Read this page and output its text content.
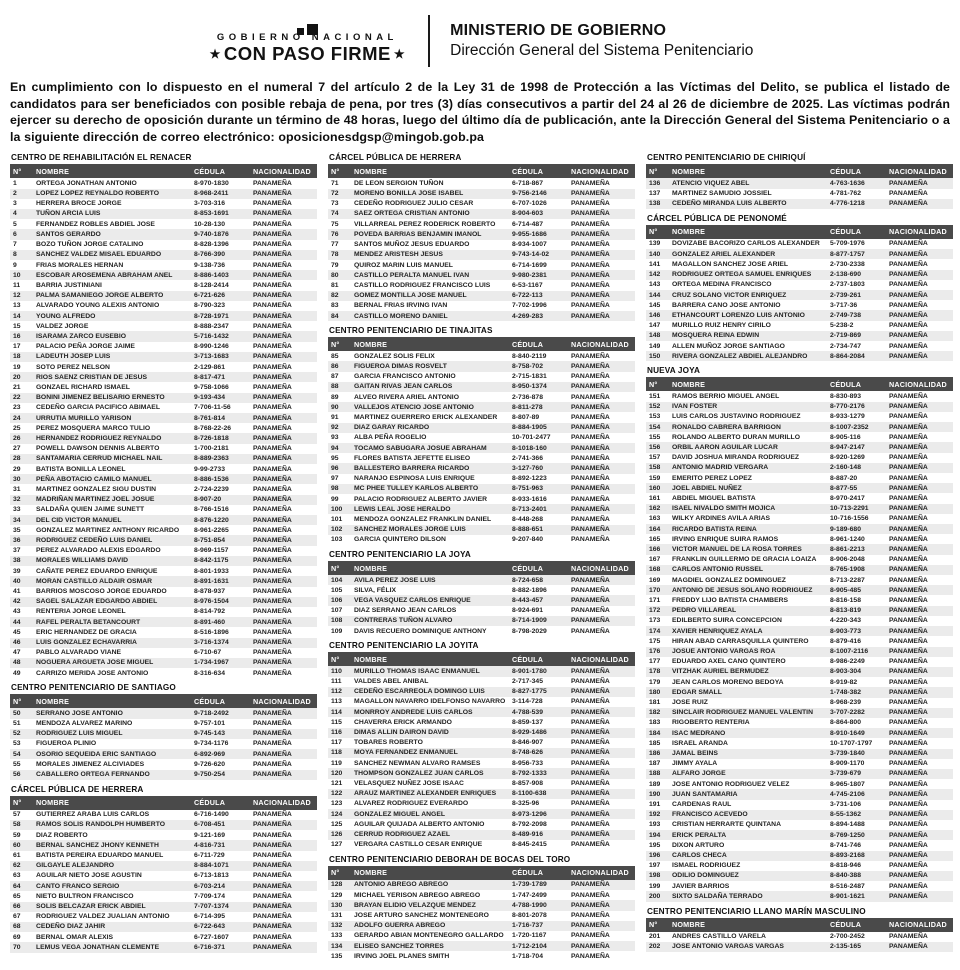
GOBIERNO NACIONAL
★ CON PASO FIRME ★
MINISTERIO DE GOBIERNO
Dirección General del Sistema Penitenciario
En cumplimiento con lo dispuesto en el numeral 7 del artículo 2 de la Ley 31 de 1998 de Protección a las Víctimas del Delito, se publica el listado de candidatos para ser beneficiados con posible rebaja de pena, por tres (3) días consecutivos a partir del 24 al 26 de diciembre de 2025. Las víctimas podrán ejercer su derecho de oposición durante un término de 48 horas, luego del último día de publicación, ante la Dirección General del Sistema Penitenciario o a la siguiente dirección de correo electrónico: oposicionesdgsp@mingob.gob.pa
CENTRO DE REHABILITACIÓN EL RENACER
N°	NOMBRE	CÉDULA	NACIONALIDAD
1	ORTEGA JONATHAN ANTONIO	8-970-1830	PANAMEÑA
2	LOPEZ LOPEZ REYNALDO ROBERTO	8-968-2411	PANAMEÑA
3	HERRERA BROCE JORGE	3-703-316	PANAMEÑA
4	TUÑON ARCIA LUIS	8-853-1691	PANAMEÑA
5	FERNANDEZ ROBLES ABDIEL JOSE	10-28-130	PANAMEÑA
6	SANTOS GERARDO	9-740-1876	PANAMEÑA
7	BOZO TUÑON JORGE CATALINO	8-828-1396	PANAMEÑA
8	SANCHEZ VALDEZ MISAEL EDUARDO	8-766-390	PANAMEÑA
9	FRIAS MORALES HERNAN	9-138-736	PANAMEÑA
10	ESCOBAR AROSEMENA ABRAHAM ANEL	8-886-1403	PANAMEÑA
11	BARRIA JUSTINIANI	8-128-2414	PANAMEÑA
12	PALMA SAMANIEGO JORGE ALBERTO	6-721-626	PANAMEÑA
13	ALVARADO YOUNG ALEXIS ANTONIO	8-790-323	PANAMEÑA
14	YOUNG ALFREDO	8-728-1971	PANAMEÑA
15	VALDEZ JORGE	8-888-2347	PANAMEÑA
16	ISARAMA ZARCO EUSEBIO	5-716-1432	PANAMEÑA
17	PALACIO PEÑA JORGE JAIME	8-990-1246	PANAMEÑA
18	LADEUTH JOSEP LUIS	3-713-1683	PANAMEÑA
19	SOTO PEREZ NELSON	2-129-861	PANAMEÑA
20	RIOS SAENZ CRISTIAN DE JESUS	8-817-471	PANAMEÑA
21	GONZAEL RICHARD ISMAEL	9-758-1066	PANAMEÑA
22	BONINI JIMENEZ BELISARIO ERNESTO	9-193-434	PANAMEÑA
23	CEDEÑO GARCIA PACIFICO ABIMAEL	7-706-11-56	PANAMEÑA
24	URRUTIA MURILLO YARISON	8-761-814	PANAMEÑA
25	PEREZ MOSQUERA MARCO TULIO	8-768-22-26	PANAMEÑA
26	HERNANDEZ RODRIGUEZ REYNALDO	8-726-1818	PANAMEÑA
27	POWELL DAWSON DENNIS ALBERTO	1-700-2181	PANAMEÑA
28	SANTAMARIA CERRUD MICHAEL NAIL	8-889-2363	PANAMEÑA
29	BATISTA BONILLA LEONEL	9-99-2733	PANAMEÑA
30	PEÑA ABOTACIO CAMILO MANUEL	8-886-1536	PANAMEÑA
31	MARTINEZ GONZALEZ SIGU DUSTIN	2-724-2239	PANAMEÑA
32	MADRIÑAN MARTINEZ JOEL JOSUE	8-907-20	PANAMEÑA
33	SALDAÑA QUIEN JAIME SUNETT	8-766-1516	PANAMEÑA
34	DEL CID VICTOR MANUEL	8-876-1220	PANAMEÑA
35	GONZALEZ MARTINEZ ANTHONY RICARDO	8-961-2265	PANAMEÑA
36	RODRIGUEZ CEDEÑO LUIS DANIEL	8-751-854	PANAMEÑA
37	PEREZ ALVARADO ALEXIS EDGARDO	8-969-1157	PANAMEÑA
38	MORALES WILLIAMS DAVID	8-842-1175	PANAMEÑA
39	CAÑATE PEREZ EDUARDO ENRIQUE	8-801-1933	PANAMEÑA
40	MORAN CASTILLO ALDAIR OSMAR	8-891-1631	PANAMEÑA
41	BARRIOS MOSCOSO JORGE EDUARDO	8-878-937	PANAMEÑA
42	SAGEL SALAZAR EDGARDO ABDIEL	8-976-1504	PANAMEÑA
43	RENTERIA JORGE LEONEL	8-814-792	PANAMEÑA
44	RAFEL PERALTA BETANCOURT	8-891-460	PANAMEÑA
45	ERIC HERNANDEZ DE GRACIA	8-516-1896	PANAMEÑA
46	LUIS GONZALEZ ECHAVARRIA	3-716-1374	PANAMEÑA
47	PABLO ALVARADO VIANE	6-710-67	PANAMEÑA
48	NOGUERA ARGUETA JOSE MIGUEL	1-734-1967	PANAMEÑA
49	CARRIZO MERIDA JOSE ANTONIO	8-316-634	PANAMEÑA
CENTRO PENITENCIARIO DE SANTIAGO
N°	NOMBRE	CÉDULA	NACIONALIDAD
50	SERRANO JOSE ANTONIO	9-718-2492	PANAMEÑA
51	MENDOZA ALVAREZ MARINO	9-757-101	PANAMEÑA
52	RODRIGUEZ LUIS MIGUEL	9-745-143	PANAMEÑA
53	FIGUEROA PLINIO	9-734-1176	PANAMEÑA
54	OSORIO SEQUEIDA ERIC SANTIAGO	6-892-969	PANAMEÑA
55	MORALES JIMENEZ ALCIVIADES	9-726-620	PANAMEÑA
56	CABALLERO ORTEGA FERNANDO	9-750-254	PANAMEÑA
CÁRCEL PÚBLICA DE HERRERA
N°	NOMBRE	CÉDULA	NACIONALIDAD
57	GUTIERREZ ARABA LUIS CARLOS	6-716-1490	PANAMEÑA
58	RAMOS SOLIS RANDOLPH HUMBERTO	6-708-451	PANAMEÑA
59	DIAZ ROBERTO	9-121-169	PANAMEÑA
60	BERNAL SANCHEZ JHONY KENNETH	4-816-731	PANAMEÑA
61	BATISTA PEREIRA EDUARDO MANUEL	6-711-729	PANAMEÑA
62	GILGAYLE ALEJANDRO	8-884-1071	PANAMEÑA
63	AGUILAR NIETO JOSE AGUSTIN	6-713-1813	PANAMEÑA
64	CANTO FRANCO SERGIO	6-703-214	PANAMEÑA
65	NIETO BULTRON FRANCISCO	7-709-174	PANAMEÑA
66	SOLIS BELCAZAR ERICK ABDIEL	7-707-1374	PANAMEÑA
67	RODRIGUEZ VALDEZ JUALIAN ANTONIO	6-714-395	PANAMEÑA
68	CEDEÑO DIAZ JAHIR	6-722-643	PANAMEÑA
69	BERNAL OMAR ALEXIS	6-727-1607	PANAMEÑA
70	LEMUS VEGA JONATHAN CLEMENTE	6-716-371	PANAMEÑA
CÁRCEL PÚBLICA DE HERRERA
N°	NOMBRE	CÉDULA	NACIONALIDAD
71	DE LEON SERGION TUÑON	6-718-867	PANAMEÑA
72	MORENO BONILLA JOSE ISABEL	9-756-2146	PANAMEÑA
73	CEDEÑO RODRIGUEZ JULIO CESAR	6-707-1026	PANAMEÑA
74	SAEZ ORTEGA CRISTIAN ANTONIO	8-904-603	PANAMEÑA
75	VILLARREAL PEREZ RODERICK ROBERTO	6-714-487	PANAMEÑA
76	POVEDA BARRIAS BENJAMIN IMANOL	9-955-1686	PANAMEÑA
77	SANTOS MUÑOZ JESUS EDUARDO	8-934-1007	PANAMEÑA
78	MENDEZ ARISTESH JESUS	9-743-14-02	PANAMEÑA
79	QUIROZ MARIN LUIS MANUEL	6-714-1699	PANAMEÑA
80	CASTILLO PERALTA MANUEL IVAN	9-980-2381	PANAMEÑA
81	CASTILLO RODRIGUEZ FRANCISCO LUIS	6-53-1167	PANAMEÑA
82	GOMEZ MONTILLA JOSE MANUEL	6-722-113	PANAMEÑA
83	BERNAL FRIAS IRVING IVAN	7-702-1996	PANAMEÑA
84	CASTILLO MORENO DANIEL	4-269-283	PANAMEÑA
CENTRO PENITENCIARIO DE TINAJITAS
N°	NOMBRE	CÉDULA	NACIONALIDAD
85	GONZALEZ SOLIS FELIX	8-840-2119	PANAMEÑA
86	FIGUEROA DIMAS ROSVELT	8-758-702	PANAMEÑA
87	GARCIA FRANCISCO ANTONIO	2-715-1831	PANAMEÑA
88	GAITAN RIVAS JEAN CARLOS	8-950-1374	PANAMEÑA
89	ALVEO RIVERA ARIEL ANTONIO	2-736-878	PANAMEÑA
90	VALLEJOS ATENCIO JOSE ANTONIO	8-811-278	PANAMEÑA
91	MARTINEZ GUERRERO ERICK ALEXANDER	8-807-89	PANAMEÑA
92	DIAZ GARAY RICARDO	8-884-1905	PANAMEÑA
93	ALBA PEÑA ROGELIO	10-701-2477	PANAMEÑA
94	TOCAMO SABUGARA JOSUE ABRAHAM	8-1018-160	PANAMEÑA
95	FLORES BATISTA JEFETTE ELISEO	2-741-366	PANAMEÑA
96	BALLESTERO BARRERA RICARDO	3-127-760	PANAMEÑA
97	NARANJO ESPINOSA LUIS ENRIQUE	8-892-1223	PANAMEÑA
98	MC PHEE TULLEY KARLOS ALBERTO	8-751-963	PANAMEÑA
99	PALACIO RODRIGUEZ ALBERTO JAVIER	8-933-1616	PANAMEÑA
100	LEWIS LEAL JOSE HERALDO	8-713-2401	PANAMEÑA
101	MENDOZA GONZALEZ FRANKLIN DANIEL	8-448-268	PANAMEÑA
102	SANCHEZ MORALES JORGE LUIS	8-888-651	PANAMEÑA
103	GARCIA QUINTERO DILSON	9-207-840	PANAMEÑA
CENTRO PENITENCIARIO LA JOYA
N°	NOMBRE	CÉDULA	NACIONALIDAD
104	AVILA PEREZ JOSE LUIS	8-724-658	PANAMEÑA
105	SILVA, FÉLIX	8-882-1896	PANAMEÑA
106	VEGA VASQUEZ CARLOS ENRIQUE	8-443-457	PANAMEÑA
107	DIAZ SERRANO JEAN CARLOS	8-924-691	PANAMEÑA
108	CONTRERAS TUÑON ALVARO	8-714-1909	PANAMEÑA
109	DAVIS RECUERO DOMINIQUE ANTHONY	8-798-2029	PANAMEÑA
CENTRO PENITENCIARIO LA JOYITA
N°	NOMBRE	CÉDULA	NACIONALIDAD
110	MURILLO THOMAS ISAAC ENMANUEL	8-901-1780	PANAMEÑA
111	VALDES ABEL ANIBAL	2-717-345	PANAMEÑA
112	CEDEÑO ESCARREOLA DOMINGO LUIS	8-827-1775	PANAMEÑA
113	MAGALLON NAVARRO IDELFONSO NAVARRO	3-114-728	PANAMEÑA
114	MONRROY ANDREDE LUIS CARLOS	4-788-539	PANAMEÑA
115	CHAVERRA ERICK ARMANDO	8-859-137	PANAMEÑA
116	DIMAS ALLIN DAIRON DAVID	8-929-1486	PANAMEÑA
117	TOBARES ROBERTO	8-846-907	PANAMEÑA
118	MOYA FERNANDEZ ENMANUEL	8-748-626	PANAMEÑA
119	SANCHEZ NEWMAN ALVARO RAMSES	8-956-733	PANAMEÑA
120	THOMPSON GONZALEZ JUAN CARLOS	8-792-1333	PANAMEÑA
121	VELASQUEZ NUÑEZ JOSE ISAAC	8-857-908	PANAMEÑA
122	ARAUZ MARTINEZ ALEXANDER ENRIQUES	8-1100-638	PANAMEÑA
123	ALVAREZ RODRIGUEZ EVERARDO	8-325-96	PANAMEÑA
124	GONZALEZ MIGUEL ANGEL	8-973-1296	PANAMEÑA
125	AGUILAR QUIJADA ALBERTO ANTONIO	8-792-2098	PANAMEÑA
126	CERRUD RODRIGUEZ AZAEL	8-489-916	PANAMEÑA
127	VERGARA CASTILLO CESAR ENRIQUE	8-845-2415	PANAMEÑA
CENTRO PENITENCIARIO DEBORAH DE BOCAS DEL TORO
N°	NOMBRE	CÉDULA	NACIONALIDAD
128	ANTONIO ABREGO ABREGO	1-739-1789	PANAMEÑA
129	MICHAEL YERISON ABREGO ABREGO	1-747-2499	PANAMEÑA
130	BRAYAN ELIDIO VELAZQUE MENDEZ	4-788-1990	PANAMEÑA
131	JOSE ARTURO SANCHEZ MONTENEGRO	8-801-2078	PANAMEÑA
132	ADOLFO GUERRA ABREGO	1-716-737	PANAMEÑA
133	GERARDO ABIAN MONTENEGRO GALLARDO	1-720-1167	PANAMEÑA
134	ELISEO SANCHEZ TORRES	1-712-2104	PANAMEÑA
135	IRVING JOEL PLANES SMITH	1-718-704	PANAMEÑA
CENTRO PENITENCIARIO DE CHIRIQUÍ
N°	NOMBRE	CÉDULA	NACIONALIDAD
136	ATENCIO VIQUEZ ABEL	4-763-1636	PANAMEÑA
137	MARTINEZ SAMUDIO JOSSIEL	4-781-762	PANAMEÑA
138	CEDEÑO MIRANDA LUIS ALBERTO	4-776-1218	PANAMEÑA
CÁRCEL PÚBLICA DE PENONOMÉ
N°	NOMBRE	CÉDULA	NACIONALIDAD
139	DOVIZABE BACORIZO CARLOS ALEXANDER	5-709-1976	PANAMEÑA
140	GONZALEZ ARIEL ALEXANDER	8-877-1757	PANAMEÑA
141	MAGALLON SANCHEZ JOSE ARIEL	2-730-2338	PANAMEÑA
142	RODRIGUEZ ORTEGA SAMUEL ENRIQUES	2-138-690	PANAMEÑA
143	ORTEGA MEDINA FRANCISCO	2-737-1803	PANAMEÑA
144	CRUZ SOLANO VICTOR ENRIQUEZ	2-739-261	PANAMEÑA
145	BARRERA CANO JOSE ANTONIO	3-717-36	PANAMEÑA
146	ETHANCOURT LORENZO LUIS ANTONIO	2-749-738	PANAMEÑA
147	MURILLO RUIZ HENRY CIRILO	5-238-2	PANAMEÑA
148	MOSQUERA REINA EDWIN	2-719-869	PANAMEÑA
149	ALLEN MUÑOZ JORGE SANTIAGO	2-734-747	PANAMEÑA
150	RIVERA GONZALEZ ABDIEL ALEJANDRO	8-864-2084	PANAMEÑA
NUEVA JOYA
N°	NOMBRE	CÉDULA	NACIONALIDAD
151	RAMOS BERRIO MIGUEL ANGEL	8-830-893	PANAMEÑA
152	IVAN FOSTER	8-770-2176	PANAMEÑA
153	LUIS CARLOS JUSTAVINO RODRIGUEZ	8-933-1279	PANAMEÑA
154	RONALDO CABRERA BARRIGON	8-1007-2352	PANAMEÑA
155	ROLANDO ALBERTO DURAN MURILLO	8-905-116	PANAMEÑA
156	ORBIL AARON AGUILAR LUCAR	8-947-2147	PANAMEÑA
157	DAVID JOSHUA MIRANDA RODRIGUEZ	8-920-1269	PANAMEÑA
158	ANTONIO MADRID VERGARA	2-160-148	PANAMEÑA
159	EMERITO PEREZ LOPEZ	8-887-20	PANAMEÑA
160	JOEL ABDIEL NUÑEZ	8-877-55	PANAMEÑA
161	ABDIEL MIGUEL BATISTA	8-970-2417	PANAMEÑA
162	ISAEL NIVALDO SMITH MOJICA	10-713-2291	PANAMEÑA
163	WILKY ARDINES AVILA ARIAS	10-716-1556	PANAMEÑA
164	RICARDO BATISTA REINA	9-189-680	PANAMEÑA
165	IRVING ENRIQUE SUIRA RAMOS	8-961-1240	PANAMEÑA
166	VICTOR MANUEL DE LA ROSA TORRES	8-861-2213	PANAMEÑA
167	FRANKLIN GUILLERMO DE GRACIA LOAIZA	8-906-2048	PANAMEÑA
168	CARLOS ANTONIO RUSSEL	8-765-1908	PANAMEÑA
169	MAGDIEL GONZALEZ DOMINGUEZ	8-713-2287	PANAMEÑA
170	ANTONIO DE JESUS SOLANO RODRIGUEZ	8-905-485	PANAMEÑA
171	FREDDY LIJO BATISTA CHAMBERS	8-816-158	PANAMEÑA
172	PEDRO VILLAREAL	8-813-819	PANAMEÑA
173	EDILBERTO SUIRA CONCEPCION	4-220-343	PANAMEÑA
174	XAVIER HENRIQUEZ AYALA	8-903-773	PANAMEÑA
175	HIRAN ABAD CARRASQUILLA QUINTERO	8-879-416	PANAMEÑA
176	JOSUE ANTONIO VARGAS ROA	8-1007-2116	PANAMEÑA
177	EDUARDO AXEL CANO QUINTERO	8-986-2249	PANAMEÑA
178	VITZHAK AURIEL BERMUDEZ	8-903-304	PANAMEÑA
179	JEAN CARLOS MORENO BEDOYA	8-919-82	PANAMEÑA
180	EDGAR SMALL	1-748-382	PANAMEÑA
181	JOSE RUIZ	8-968-239	PANAMEÑA
182	SINCLAIR RODRIGUEZ MANUEL VALENTIN	3-707-2282	PANAMEÑA
183	RIGOBERTO RENTERIA	8-864-800	PANAMEÑA
184	ISAC MEDRANO	8-910-1649	PANAMEÑA
185	ISRAEL ARANDA	10-1707-1797	PANAMEÑA
186	JAMAL BEINS	3-739-1840	PANAMEÑA
187	JIMMY AYALA	8-909-1170	PANAMEÑA
188	ALFARO JORGE	3-739-679	PANAMEÑA
189	JOSE ANTONIO RODRIGUEZ VELEZ	8-965-1807	PANAMEÑA
190	JUAN SANTAMARIA	4-745-2106	PANAMEÑA
191	CARDENAS RAUL	3-731-106	PANAMEÑA
192	FRANCISCO ACEVEDO	8-55-1362	PANAMEÑA
193	CRISTIAN HERRARTE QUINTANA	8-894-1488	PANAMEÑA
194	ERICK PERALTA	8-769-1250	PANAMEÑA
195	DIXON ARTURO	8-741-746	PANAMEÑA
196	CARLOS CHECA	8-893-2168	PANAMEÑA
197	ISMAEL RODRIGUEZ	8-818-946	PANAMEÑA
198	ODILIO DOMINGUEZ	8-840-388	PANAMEÑA
199	JAVIER BARRIOS	8-516-2487	PANAMEÑA
200	SIXTO SALDAÑA TERRADO	8-901-1621	PANAMEÑA
CENTRO PENITENCIARIO LLANO MARÍN MASCULINO
N°	NOMBRE	CÉDULA	NACIONALIDAD
201	ANDRES CASTILLO VARELA	2-700-2452	PANAMEÑA
202	JOSE ANTONIO VARGAS VARGAS	2-135-165	PANAMEÑA
